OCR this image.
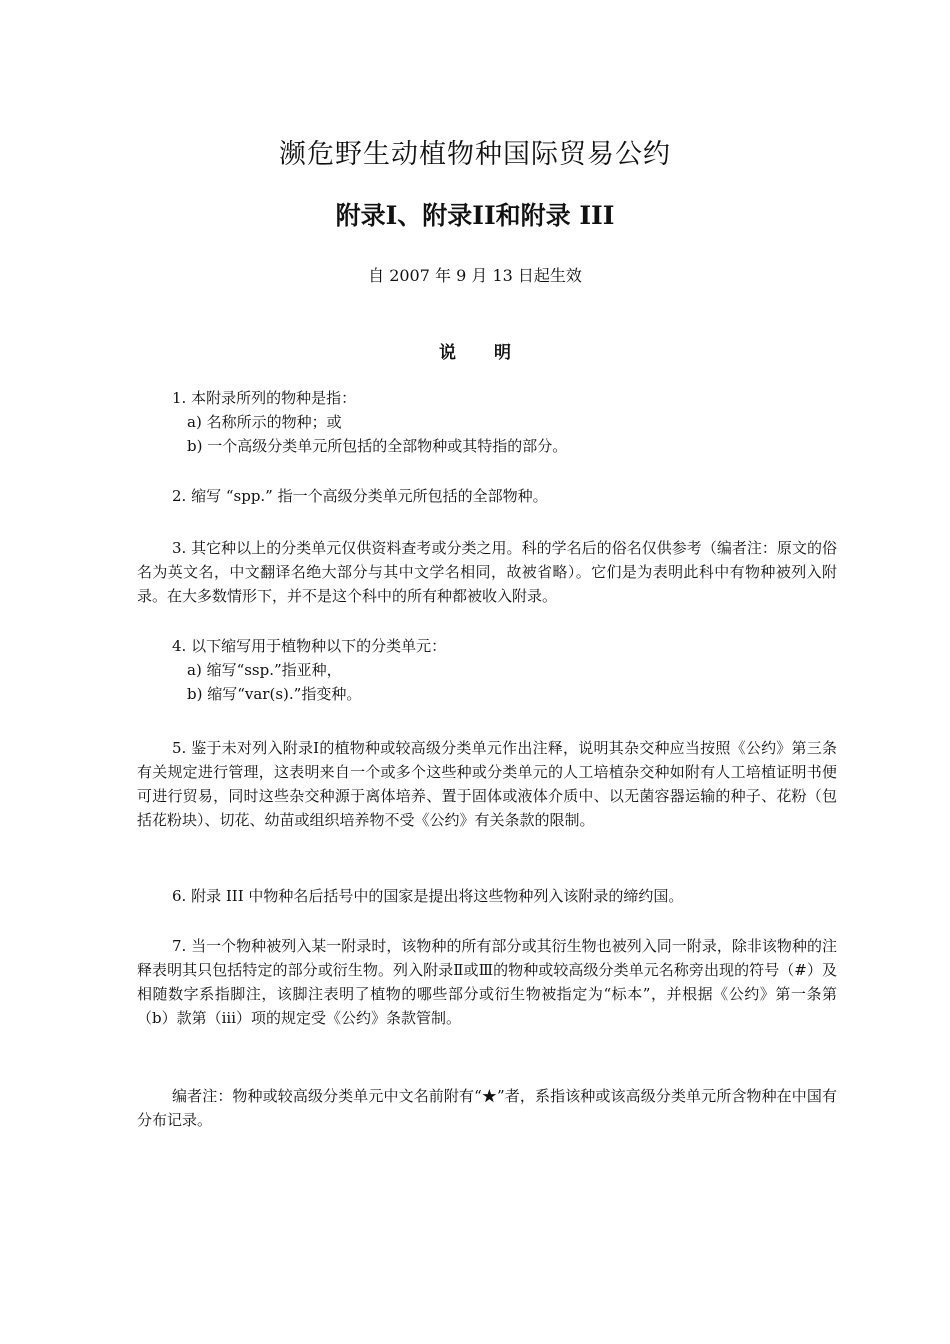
濒危野生动植物种国际贸易公约
附录I、附录II和附录 III
自 2007 年 9 月 13 日起生效
说 明

1. 本附录所列的物种是指：

a) 名称所示的物种；或

b) 一个高级分类单元所包括的全部物种或其特指的部分。

2. 缩写 “spp.” 指一个高级分类单元所包括的全部物种。

3. 其它种以上的分类单元仅供资料查考或分类之用。科的学名后的俗名仅供参考（编者注：原文的俗名为英文名，中文翻译名绝大部分与其中文学名相同，故被省略）。它们是为表明此科中有物种被列入附录。在大多数情形下，并不是这个科中的所有种都被收入附录。

4. 以下缩写用于植物种以下的分类单元：

a) 缩写“ssp.”指亚种，

b) 缩写“var(s).”指变种。

5. 鉴于未对列入附录Ⅰ的植物种或较高级分类单元作出注释，说明其杂交种应当按照《公约》第三条有关规定进行管理，这表明来自一个或多个这些种或分类单元的人工培植杂交种如附有人工培植证明书便可进行贸易，同时这些杂交种源于离体培养、置于固体或液体介质中、以无菌容器运输的种子、花粉（包括花粉块）、切花、幼苗或组织培养物不受《公约》有关条款的限制。

6. 附录 III 中物种名后括号中的国家是提出将这些物种列入该附录的缔约国。

7. 当一个物种被列入某一附录时，该物种的所有部分或其衍生物也被列入同一附录，除非该物种的注释表明其只包括特定的部分或衍生物。列入附录Ⅱ或Ⅲ的物种或较高级分类单元名称旁出现的符号（#）及相随数字系指脚注，该脚注表明了植物的哪些部分或衍生物被指定为“标本”，并根据《公约》第一条第（b）款第（iii）项的规定受《公约》条款管制。

编者注：物种或较高级分类单元中文名前附有“★”者，系指该种或该高级分类单元所含物种在中国有分布记录。
